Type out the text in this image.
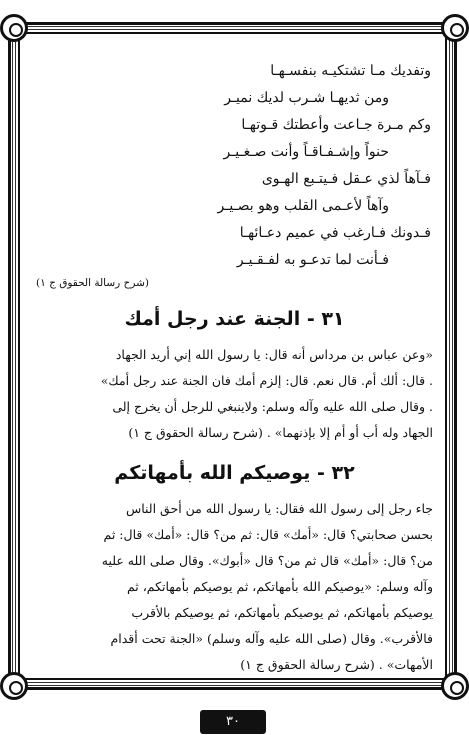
وتفديك مـا تشتكيـه بنفسـهـا
ومن ثديهـا شـرب لديك نميـر
وكم مـرة جـاعت وأعطتك قـوتهـا
حنواً وإشـفـاقـاً وأنت صـغـيـر
فـآهاً لذي عـقل فـيتـبع الهـوى
وآهاً لأعـمى القلب وهو بصـيـر
فـدونك فـارغب في عميم دعـائهـا
فـأنت لما تدعـو به لفـقـيـر
(شرح رسالة الحقوق ج ١)
٣١ - الجنة عند رجل أمك

«وعن عباس بن مرداس أنه قال: يا رسول الله إني أريد الجهاد

. قال: ألك أم. قال نعم. قال: إلزم أمك فان الجنة عند رجل أمك»

. وقال صلى الله عليه وآله وسلم: ولاينبغي للرجل أن يخرج إلى

الجهاد وله أب أو أم إلا بإذنهما» . (شرح رسالة الحقوق ج ١)

٣٢ - يوصيكم الله بأمهاتكم

جاء رجل إلى رسول الله فقال: يا رسول الله من أحق الناس

بحسن صحابتي؟ قال: «أمك» قال: ثم من؟ قال: «أمك» قال: ثم

من؟ قال: «أمك» قال ثم من؟ قال «أبوك». وقال صلى الله عليه

وآله وسلم: «يوصيكم الله بأمهاتكم، ثم يوصيكم بأمهاتكم، ثم

يوصيكم بأمهاتكم، ثم يوصيكم بأمهاتكم، ثم يوصيكم بالأقرب

فالأقرب». وقال (صلى الله عليه وآله وسلم) «الجنة تحت أقدام

الأمهات» . (شرح رسالة الحقوق ج ١)

٣٠
